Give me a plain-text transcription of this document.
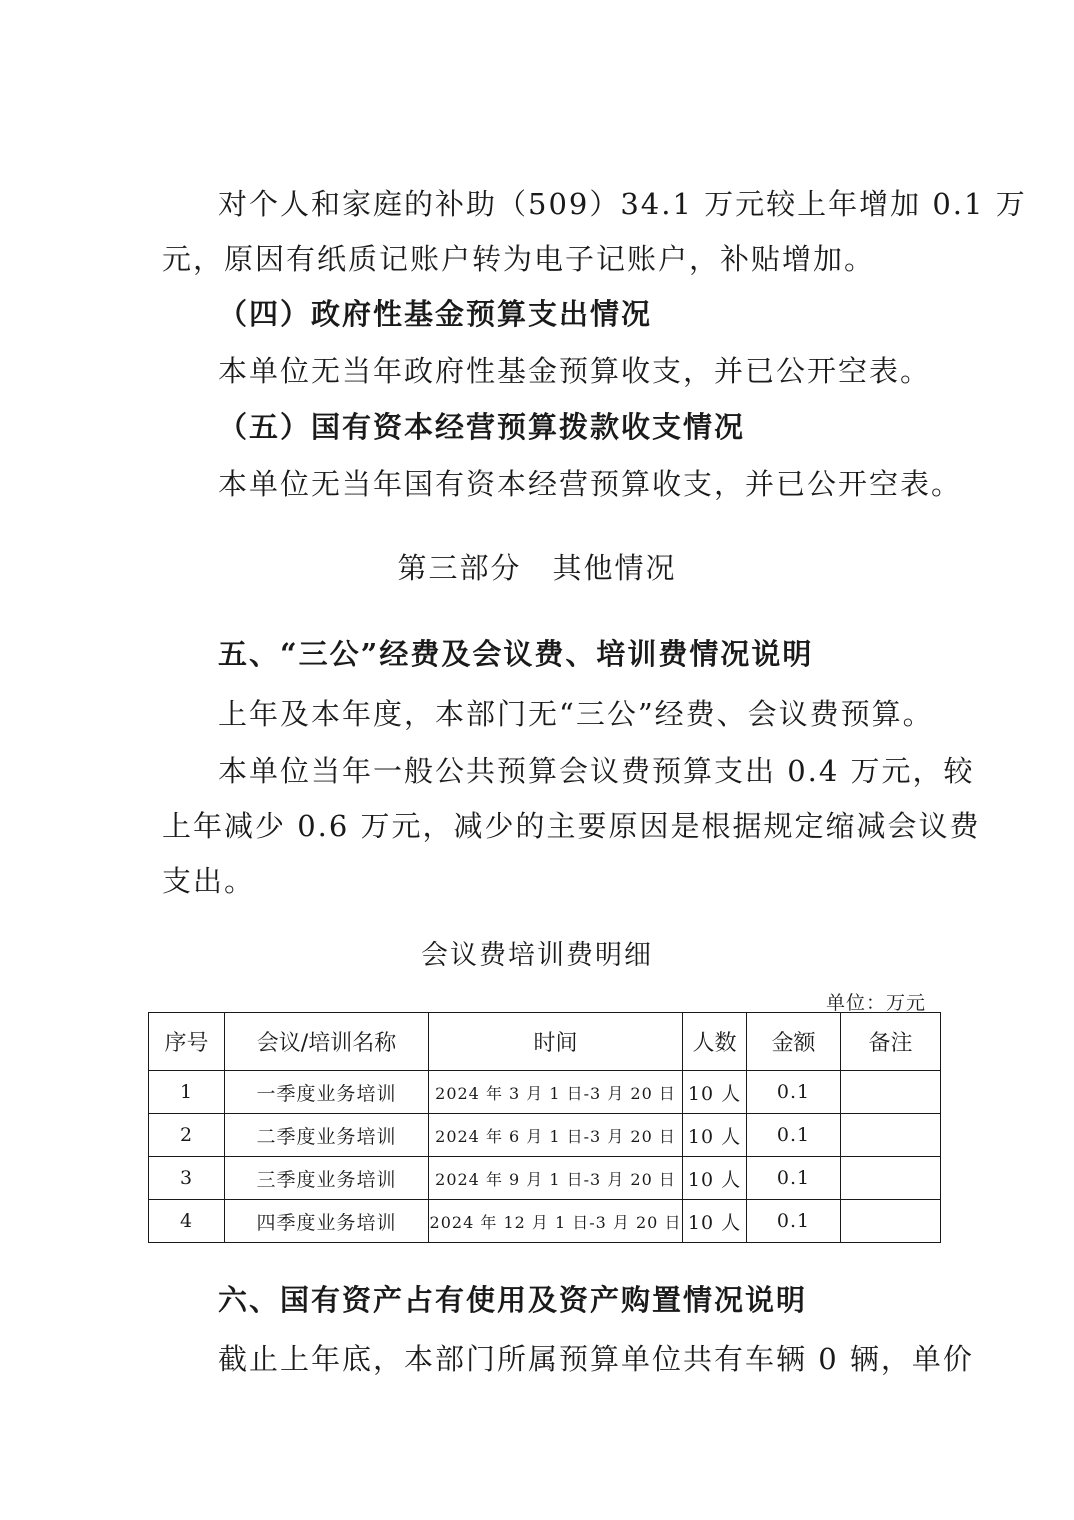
对个人和家庭的补助（509）34.1 万元较上年增加 0.1 万
元，原因有纸质记账户转为电子记账户，补贴增加。
（四）政府性基金预算支出情况
本单位无当年政府性基金预算收支，并已公开空表。
（五）国有资本经营预算拨款收支情况
本单位无当年国有资本经营预算收支，并已公开空表。
第三部分　其他情况
五、“三公”经费及会议费、培训费情况说明
上年及本年度，本部门无“三公”经费、会议费预算。
本单位当年一般公共预算会议费预算支出 0.4 万元，较
上年减少 0.6 万元，减少的主要原因是根据规定缩减会议费
支出。
会议费培训费明细
单位：万元
序号	会议/培训名称	时间	人数	金额	备注
1	一季度业务培训	2024 年 3 月 1 日-3 月 20 日	10 人	0.1	
2	二季度业务培训	2024 年 6 月 1 日-3 月 20 日	10 人	0.1	
3	三季度业务培训	2024 年 9 月 1 日-3 月 20 日	10 人	0.1	
4	四季度业务培训	2024 年 12 月 1 日-3 月 20 日	10 人	0.1	
六、国有资产占有使用及资产购置情况说明
截止上年底，本部门所属预算单位共有车辆 0 辆，单价
